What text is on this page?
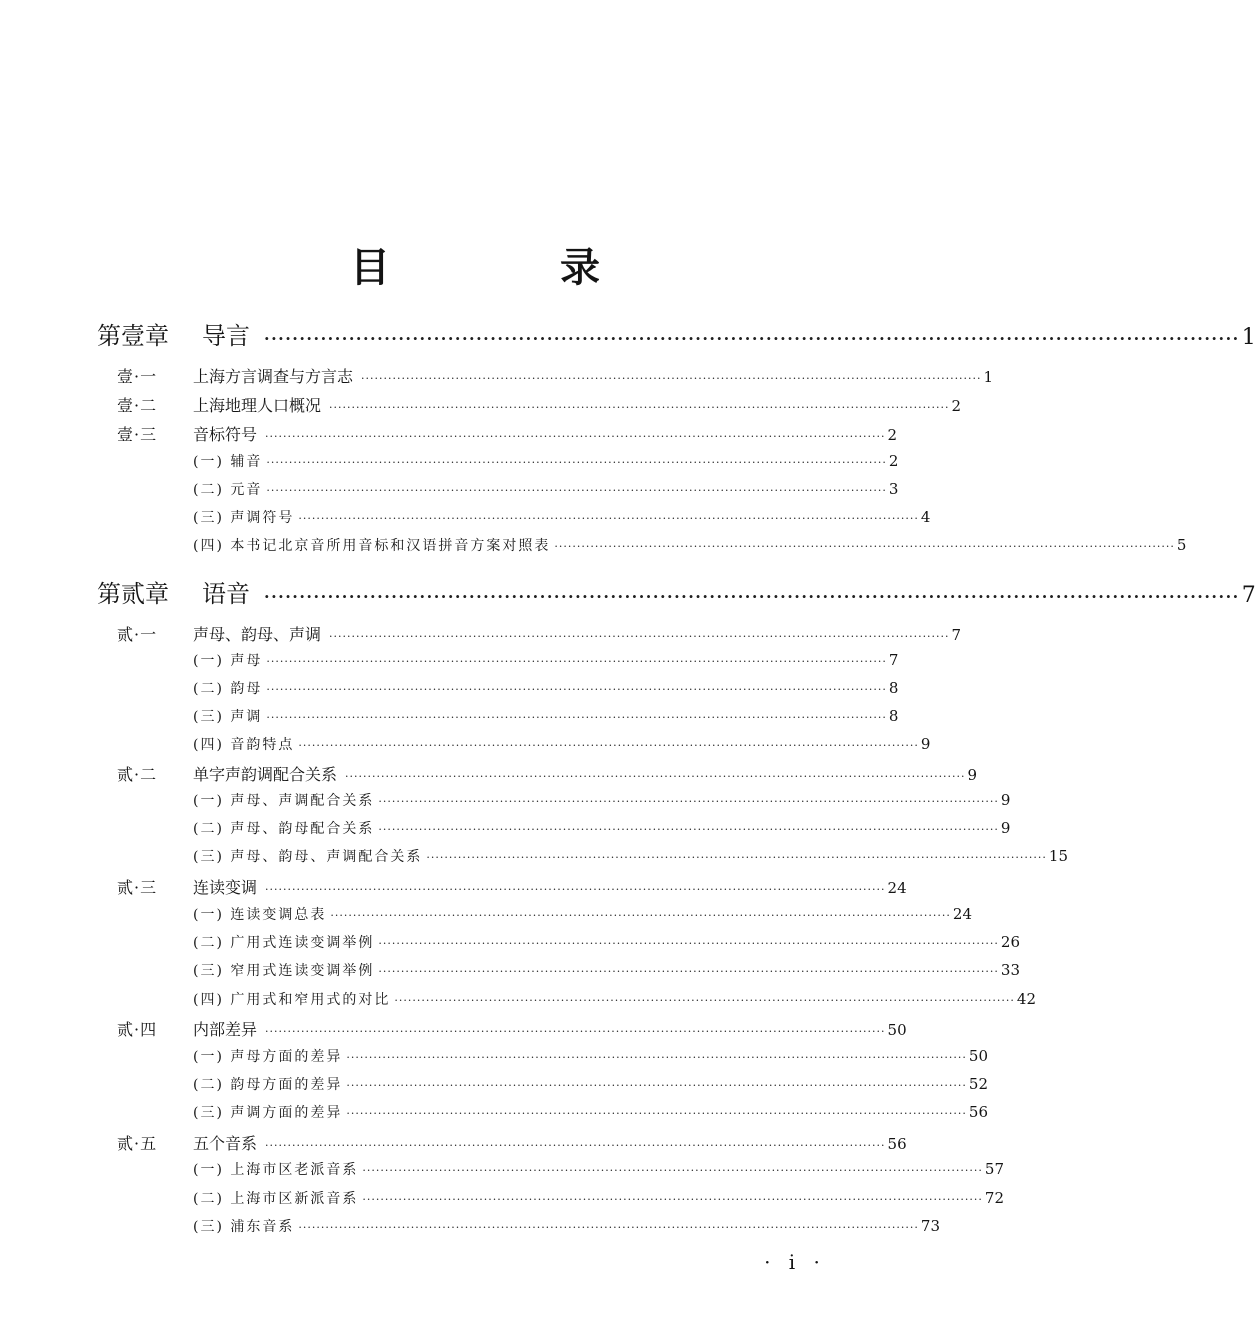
目 录
第壹章 导言 ·········································································································································· 1
壹·一 上海方言调查与方言志 ·········································································································································· 1
壹·二 上海地理人口概况 ·········································································································································· 2
壹·三 音标符号 ·········································································································································· 2
(一) 辅音 ·········································································································································· 2
(二) 元音 ·········································································································································· 3
(三) 声调符号 ·········································································································································· 4
(四) 本书记北京音所用音标和汉语拼音方案对照表 ·········································································································································· 5
第贰章 语音 ·········································································································································· 7
贰·一 声母、韵母、声调 ·········································································································································· 7
(一) 声母 ·········································································································································· 7
(二) 韵母 ·········································································································································· 8
(三) 声调 ·········································································································································· 8
(四) 音韵特点 ·········································································································································· 9
贰·二 单字声韵调配合关系 ·········································································································································· 9
(一) 声母、声调配合关系 ·········································································································································· 9
(二) 声母、韵母配合关系 ·········································································································································· 9
(三) 声母、韵母、声调配合关系 ·········································································································································· 15
贰·三 连读变调 ·········································································································································· 24
(一) 连读变调总表 ·········································································································································· 24
(二) 广用式连读变调举例 ·········································································································································· 26
(三) 窄用式连读变调举例 ·········································································································································· 33
(四) 广用式和窄用式的对比 ·········································································································································· 42
贰·四 内部差异 ·········································································································································· 50
(一) 声母方面的差异 ·········································································································································· 50
(二) 韵母方面的差异 ·········································································································································· 52
(三) 声调方面的差异 ·········································································································································· 56
贰·五 五个音系 ·········································································································································· 56
(一) 上海市区老派音系 ·········································································································································· 57
(二) 上海市区新派音系 ·········································································································································· 72
(三) 浦东音系 ·········································································································································· 73
· i ·
